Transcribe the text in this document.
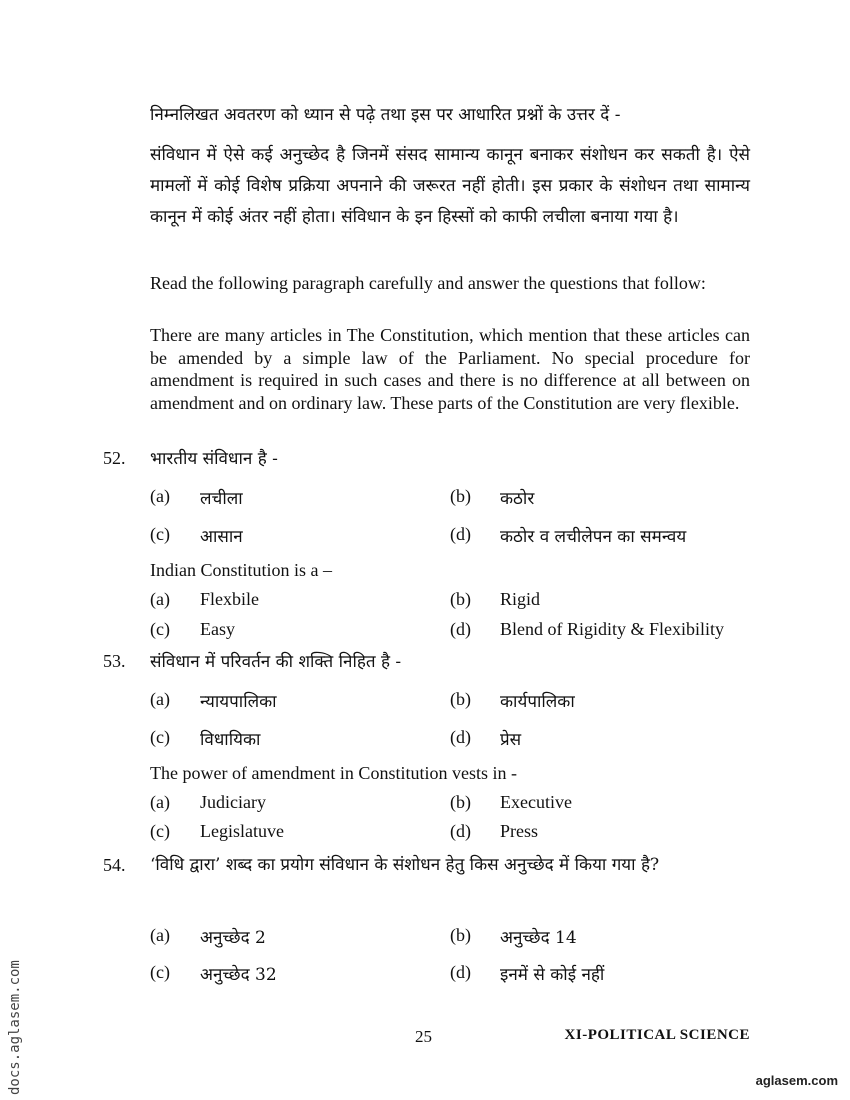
निम्नलिखत अवतरण को ध्यान से पढ़े तथा इस पर आधारित प्रश्नों के उत्तर दें -
संविधान में ऐसे कई अनुच्छेद है जिनमें संसद सामान्य कानून बनाकर संशोधन कर सकती है। ऐसे मामलों में कोई विशेष प्रक्रिया अपनाने की जरूरत नहीं होती। इस प्रकार के संशोधन तथा सामान्य कानून में कोई अंतर नहीं होता। संविधान के इन हिस्सों को काफी लचीला बनाया गया है।
Read the following paragraph carefully and answer the questions that follow:
There are many articles in The Constitution, which mention that these articles can be amended by a simple law of the Parliament. No special procedure for amendment is required in such cases and there is no difference at all between on amendment and on ordinary law. These parts of the Constitution are very flexible.
52. भारतीय संविधान है -
(a) लचीला	(b) कठोर
(c) आसान	(d) कठोर व लचीलेपन का समन्वय
Indian Constitution is a –
(a) Flexbile	(b) Rigid
(c) Easy	(d) Blend of Rigidity & Flexibility
53. संविधान में परिवर्तन की शक्ति निहित है -
(a) न्यायपालिका	(b) कार्यपालिका
(c) विधायिका	(d) प्रेस
The power of amendment in Constitution vests in -
(a) Judiciary	(b) Executive
(c) Legislatuve	(d) Press
54. ‘विधि द्वारा’ शब्द का प्रयोग संविधान के संशोधन हेतु किस अनुच्छेद में किया गया है?
(a) अनुच्छेद 2	(b) अनुच्छेद 14
(c) अनुच्छेद 32	(d) इनमें से कोई नहीं
25	XI-POLITICAL SCIENCE
docs.aglasem.com	aglasem.com
